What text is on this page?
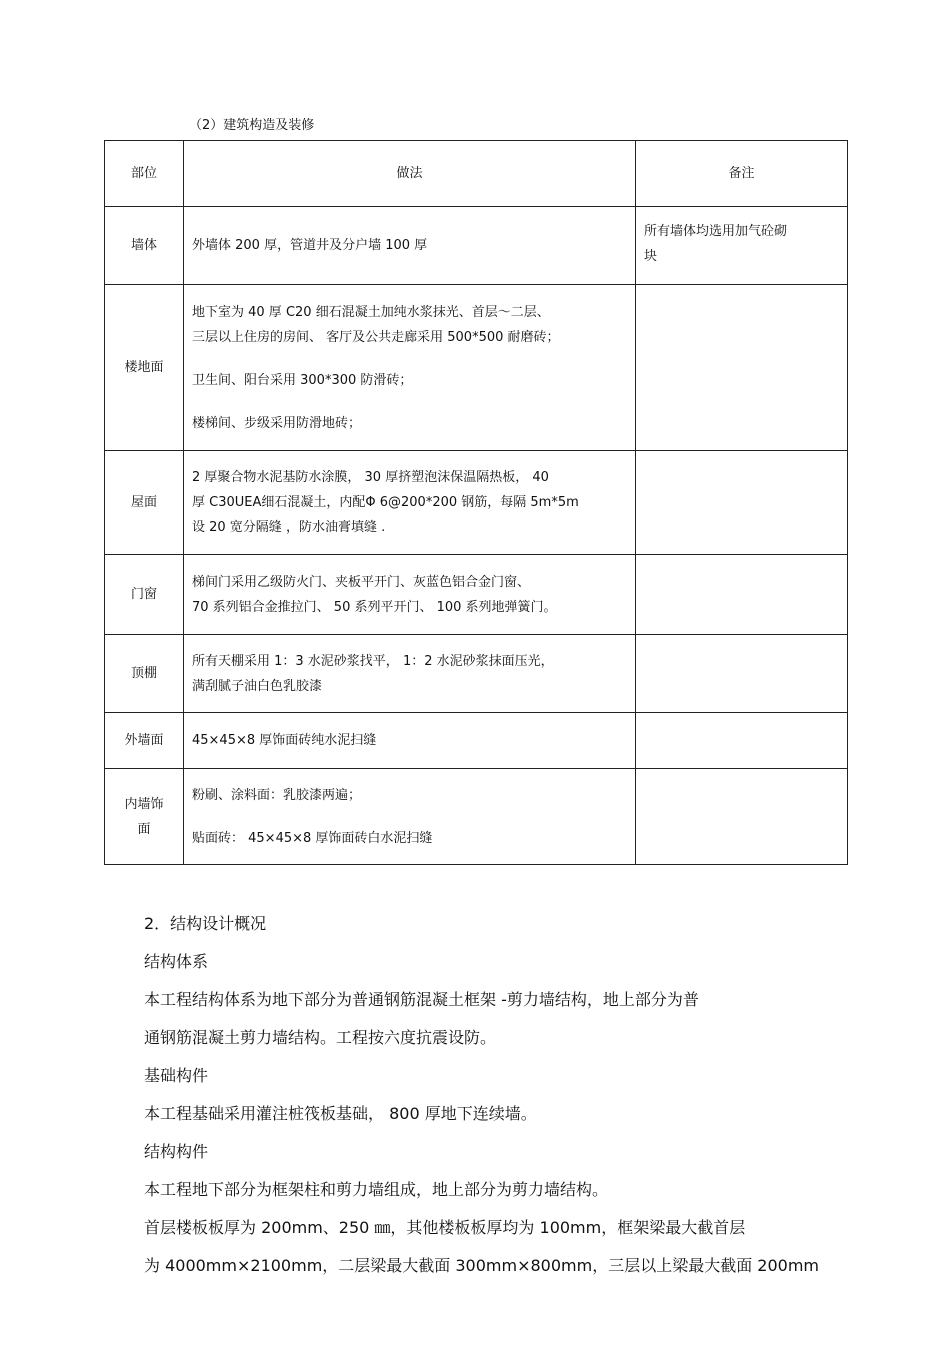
（2）建筑构造及装修
部位	做法	备注
墙体	外墙体 200 厚，管道井及分户墙 100 厚	所有墙体均选用加气砼砌
块

楼地面	地下室为 40 厚 C20 细石混凝土加纯水浆抹光、首层～二层、
三层以上住房的房间、 客厅及公共走廊采用 500*500 耐磨砖；
卫生间、阳台采用 300*300 防滑砖；
楼梯间、步级采用防滑地砖；	

屋面	2 厚聚合物水泥基防水涂膜， 30 厚挤塑泡沫保温隔热板， 40
厚 C30UEA细石混凝土，内配Φ 6@200*200 钢筋，每隔 5m*5m
设 20 宽分隔缝 ，防水油膏填缝 .	

门窗	梯间门采用乙级防火门、夹板平开门、灰蓝色铝合金门窗、
70 系列铝合金推拉门、 50 系列平开门、 100 系列地弹簧门。	

顶棚	所有天棚采用 1：3 水泥砂浆找平， 1：2 水泥砂浆抹面压光，
满刮腻子油白色乳胶漆	

外墙面	45×45×8 厚饰面砖纯水泥扫缝	

内墙饰
面	粉刷、涂料面：乳胶漆两遍；
贴面砖： 45×45×8 厚饰面砖白水泥扫缝	

2．结构设计概况

结构体系

本工程结构体系为地下部分为普通钢筋混凝土框架 -剪力墙结构，地上部分为普

通钢筋混凝土剪力墙结构。工程按六度抗震设防。

基础构件

本工程基础采用灌注桩筏板基础， 800 厚地下连续墙。

结构构件

本工程地下部分为框架柱和剪力墙组成，地上部分为剪力墙结构。

首层楼板板厚为 200mm、250 ㎜，其他楼板板厚均为 100mm，框架梁最大截首层

为 4000mm×2100mm，二层梁最大截面 300mm×800mm，三层以上梁最大截面 200mm
